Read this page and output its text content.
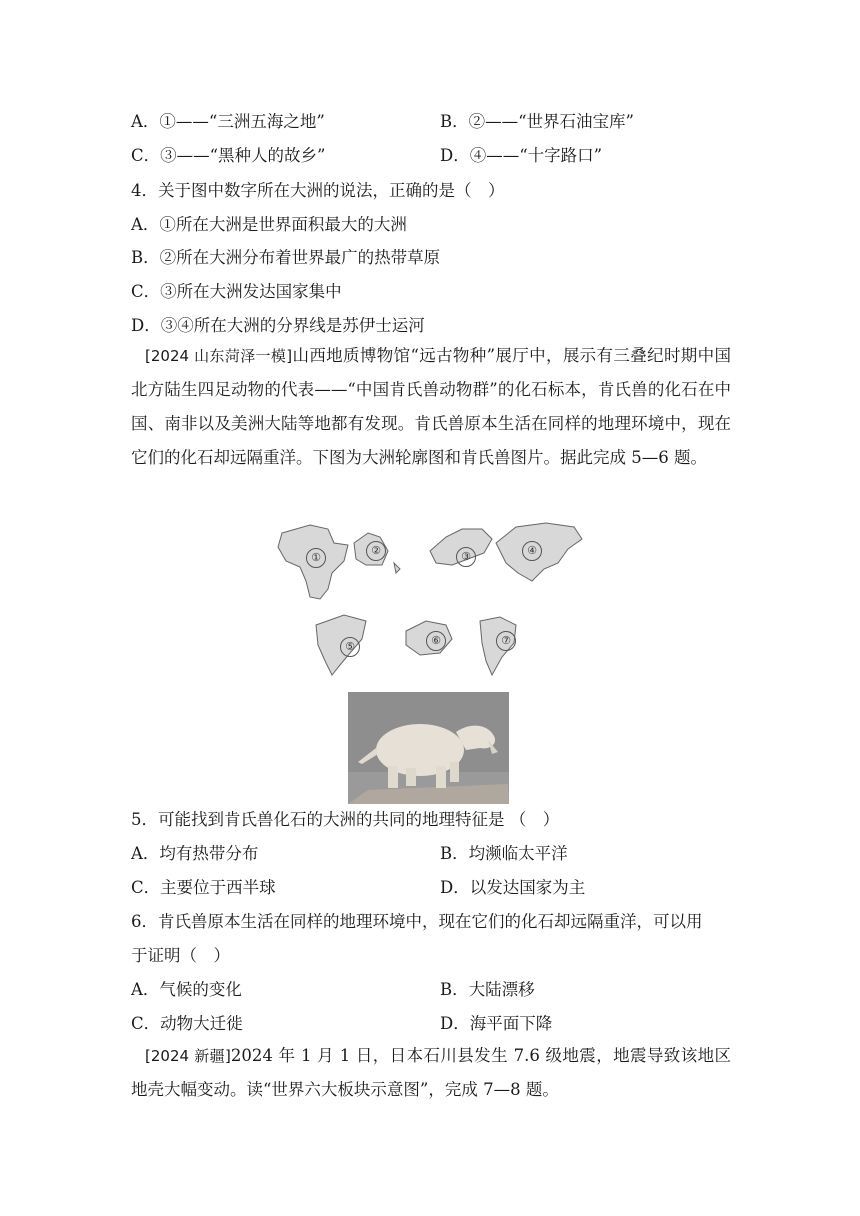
A．①——“三洲五海之地”	B．②——“世界石油宝库”
C．③——“黑种人的故乡”	D．④——“十字路口”
4．关于图中数字所在大洲的说法，正确的是（　）
A．①所在大洲是世界面积最大的大洲
B．②所在大洲分布着世界最广的热带草原
C．③所在大洲发达国家集中
D．③④所在大洲的分界线是苏伊士运河
[2024 山东菏泽一模]山西地质博物馆“远古物种”展厅中，展示有三叠纪时期中国北方陆生四足动物的代表——“中国肯氏兽动物群”的化石标本，肯氏兽的化石在中国、南非以及美洲大陆等地都有发现。肯氏兽原本生活在同样的地理环境中，现在它们的化石却远隔重洋。下图为大洲轮廓图和肯氏兽图片。据此完成 5—6 题。
①
②	③	④
⑤	⑥	⑦
5．可能找到肯氏兽化石的大洲的共同的地理特征是 （　）
A．均有热带分布	B．均濒临太平洋
C．主要位于西半球	D．以发达国家为主
6．肯氏兽原本生活在同样的地理环境中，现在它们的化石却远隔重洋，可以用
于证明（　）
A．气候的变化	B．大陆漂移
C．动物大迁徙	D．海平面下降
[2024 新疆]2024 年 1 月 1 日，日本石川县发生 7.6 级地震，地震导致该地区地壳大幅变动。读“世界六大板块示意图”，完成 7—8 题。
